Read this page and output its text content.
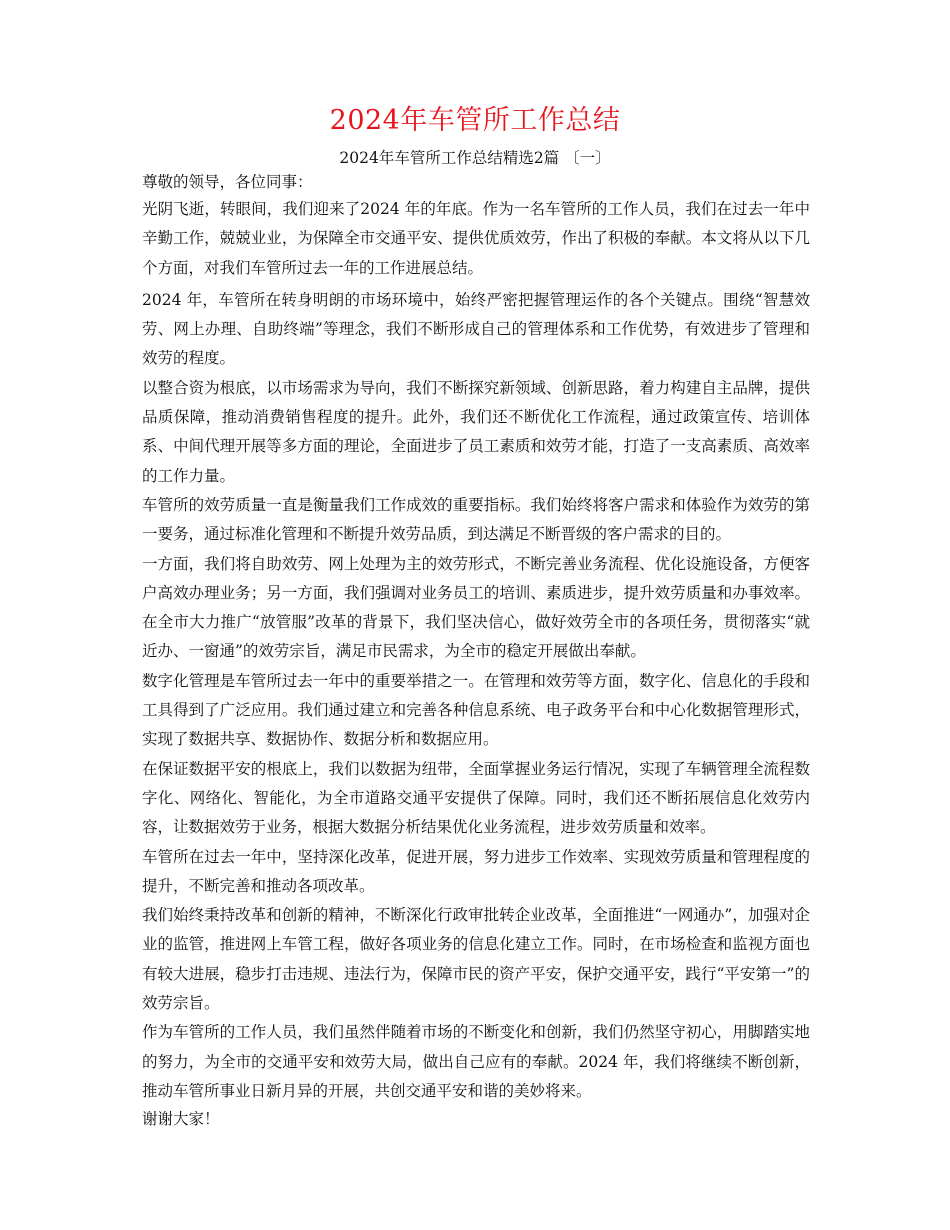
2024年车管所工作总结
2024年车管所工作总结精选2篇 〔一〕

尊敬的领导，各位同事：

光阴飞逝，转眼间，我们迎来了2024 年的年底。作为一名车管所的工作人员，我们在过去一年中辛勤工作，兢兢业业，为保障全市交通平安、提供优质效劳，作出了积极的奉献。本文将从以下几个方面，对我们车管所过去一年的工作进展总结。

2024 年，车管所在转身明朗的市场环境中，始终严密把握管理运作的各个关键点。围绕“智慧效劳、网上办理、自助终端”等理念，我们不断形成自己的管理体系和工作优势，有效进步了管理和效劳的程度。

以整合资为根底，以市场需求为导向，我们不断探究新领域、创新思路，着力构建自主品牌，提供品质保障，推动消费销售程度的提升。此外，我们还不断优化工作流程，通过政策宣传、培训体系、中间代理开展等多方面的理论，全面进步了员工素质和效劳才能，打造了一支高素质、高效率的工作力量。

车管所的效劳质量一直是衡量我们工作成效的重要指标。我们始终将客户需求和体验作为效劳的第一要务，通过标准化管理和不断提升效劳品质，到达满足不断晋级的客户需求的目的。

一方面，我们将自助效劳、网上处理为主的效劳形式，不断完善业务流程、优化设施设备，方便客户高效办理业务；另一方面，我们强调对业务员工的培训、素质进步，提升效劳质量和办事效率。在全市大力推广“放管服”改革的背景下，我们坚决信心，做好效劳全市的各项任务，贯彻落实“就近办、一窗通”的效劳宗旨，满足市民需求，为全市的稳定开展做出奉献。

数字化管理是车管所过去一年中的重要举措之一。在管理和效劳等方面，数字化、信息化的手段和工具得到了广泛应用。我们通过建立和完善各种信息系统、电子政务平台和中心化数据管理形式，实现了数据共享、数据协作、数据分析和数据应用。

在保证数据平安的根底上，我们以数据为纽带，全面掌握业务运行情况，实现了车辆管理全流程数字化、网络化、智能化，为全市道路交通平安提供了保障。同时，我们还不断拓展信息化效劳内容，让数据效劳于业务，根据大数据分析结果优化业务流程，进步效劳质量和效率。

车管所在过去一年中，坚持深化改革，促进开展，努力进步工作效率、实现效劳质量和管理程度的提升，不断完善和推动各项改革。

我们始终秉持改革和创新的精神，不断深化行政审批转企业改革，全面推进“一网通办”，加强对企业的监管，推进网上车管工程，做好各项业务的信息化建立工作。同时，在市场检查和监视方面也有较大进展，稳步打击违规、违法行为，保障市民的资产平安，保护交通平安，践行“平安第一”的效劳宗旨。

作为车管所的工作人员，我们虽然伴随着市场的不断变化和创新，我们仍然坚守初心，用脚踏实地的努力，为全市的交通平安和效劳大局，做出自己应有的奉献。2024 年，我们将继续不断创新，推动车管所事业日新月异的开展，共创交通平安和谐的美妙将来。

谢谢大家！
